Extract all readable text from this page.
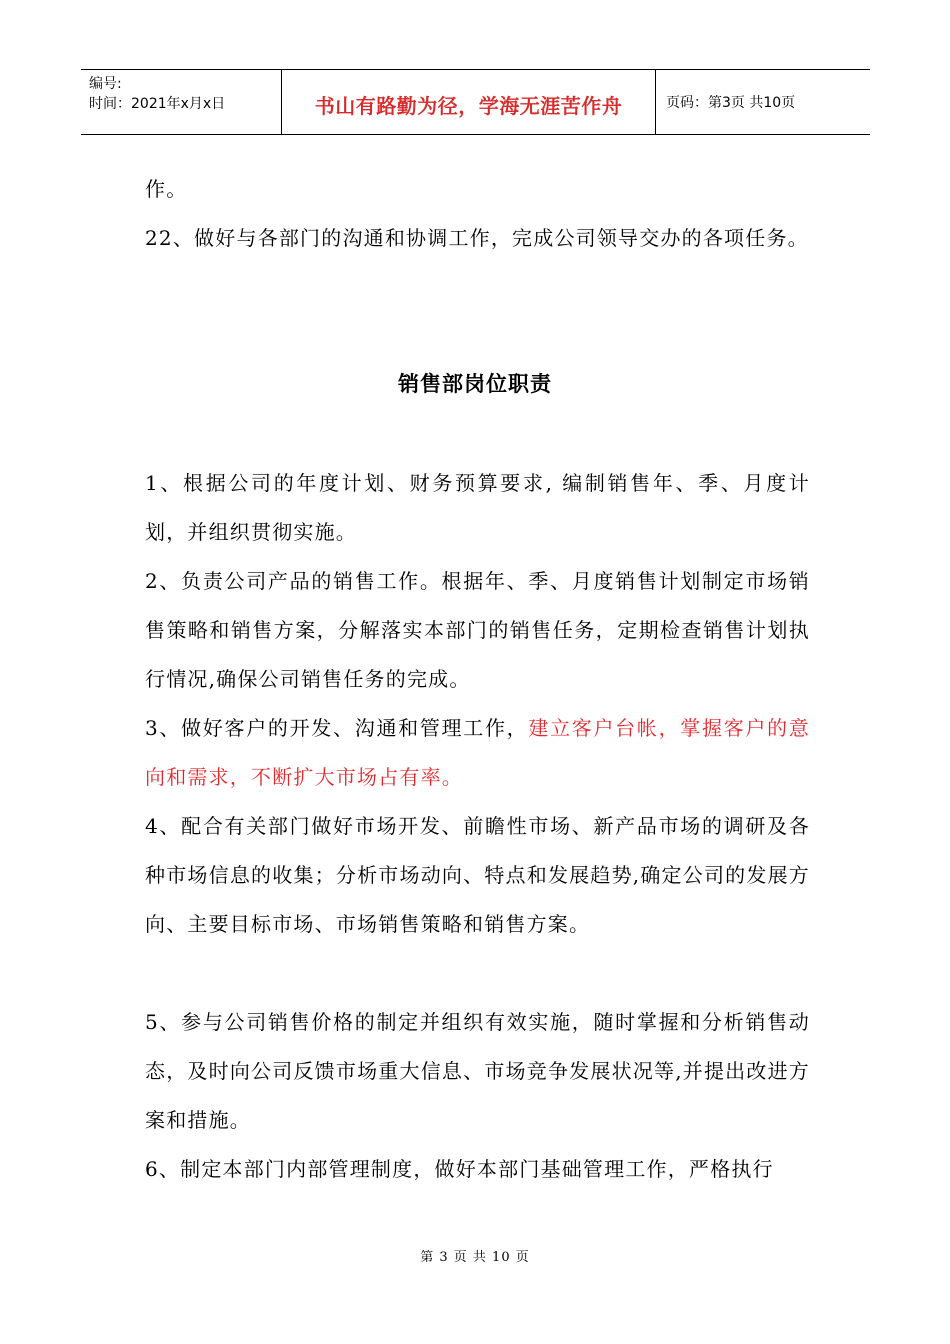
编号:
时间：2021年x月x日	书山有路勤为径，学海无涯苦作舟	页码：第3页 共10页

作。

22、做好与各部门的沟通和协调工作，完成公司领导交办的各项任务。

销售部岗位职责

1、根据公司的年度计划、财务预算要求, 编制销售年、季、月度计划，并组织贯彻实施。

2、负责公司产品的销售工作。根据年、季、月度销售计划制定市场销售策略和销售方案，分解落实本部门的销售任务，定期检查销售计划执行情况,确保公司销售任务的完成。

3、做好客户的开发、沟通和管理工作，建立客户台帐，掌握客户的意向和需求，不断扩大市场占有率。

4、配合有关部门做好市场开发、前瞻性市场、新产品市场的调研及各种市场信息的收集；分析市场动向、特点和发展趋势,确定公司的发展方向、主要目标市场、市场销售策略和销售方案。

5、参与公司销售价格的制定并组织有效实施，随时掌握和分析销售动态，及时向公司反馈市场重大信息、市场竞争发展状况等,并提出改进方案和措施。

6、制定本部门内部管理制度，做好本部门基础管理工作，严格执行

第 3 页 共 10 页
